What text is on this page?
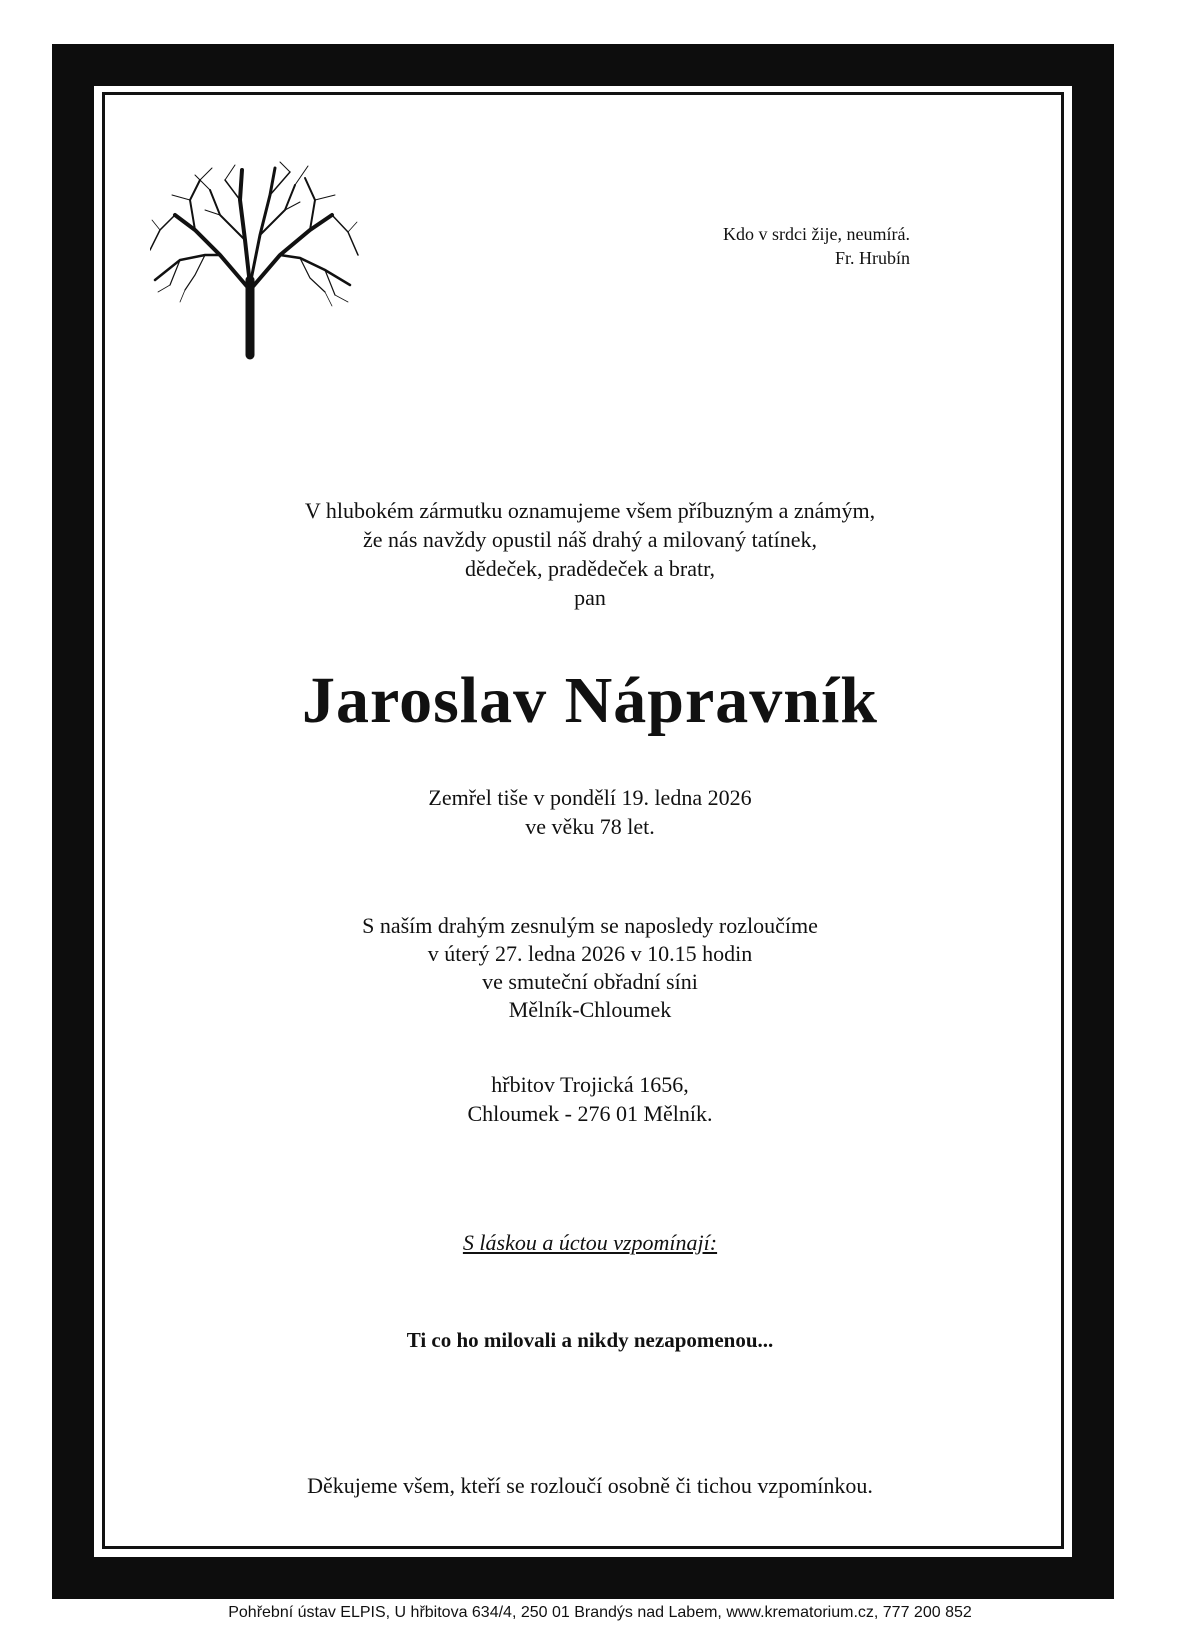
Kdo v srdci žije, neumírá.
Fr. Hrubín
V hlubokém zármutku oznamujeme všem příbuzným a známým,
že nás navždy opustil náš drahý a milovaný tatínek,
dědeček, pradědeček a bratr,
pan
Jaroslav Nápravník
Zemřel tiše v pondělí 19. ledna 2026
ve věku 78 let.
S naším drahým zesnulým se naposledy rozloučíme
v úterý 27. ledna 2026 v 10.15 hodin
ve smuteční obřadní síni
Mělník-Chloumek
hřbitov Trojická 1656,
Chloumek - 276 01 Mělník.
S láskou a úctou vzpomínají:
Ti co ho milovali a nikdy nezapomenou...
Děkujeme všem, kteří se rozloučí osobně či tichou vzpomínkou.
Pohřební ústav ELPIS, U hřbitova 634/4, 250 01 Brandýs nad Labem, www.krematorium.cz, 777 200 852
